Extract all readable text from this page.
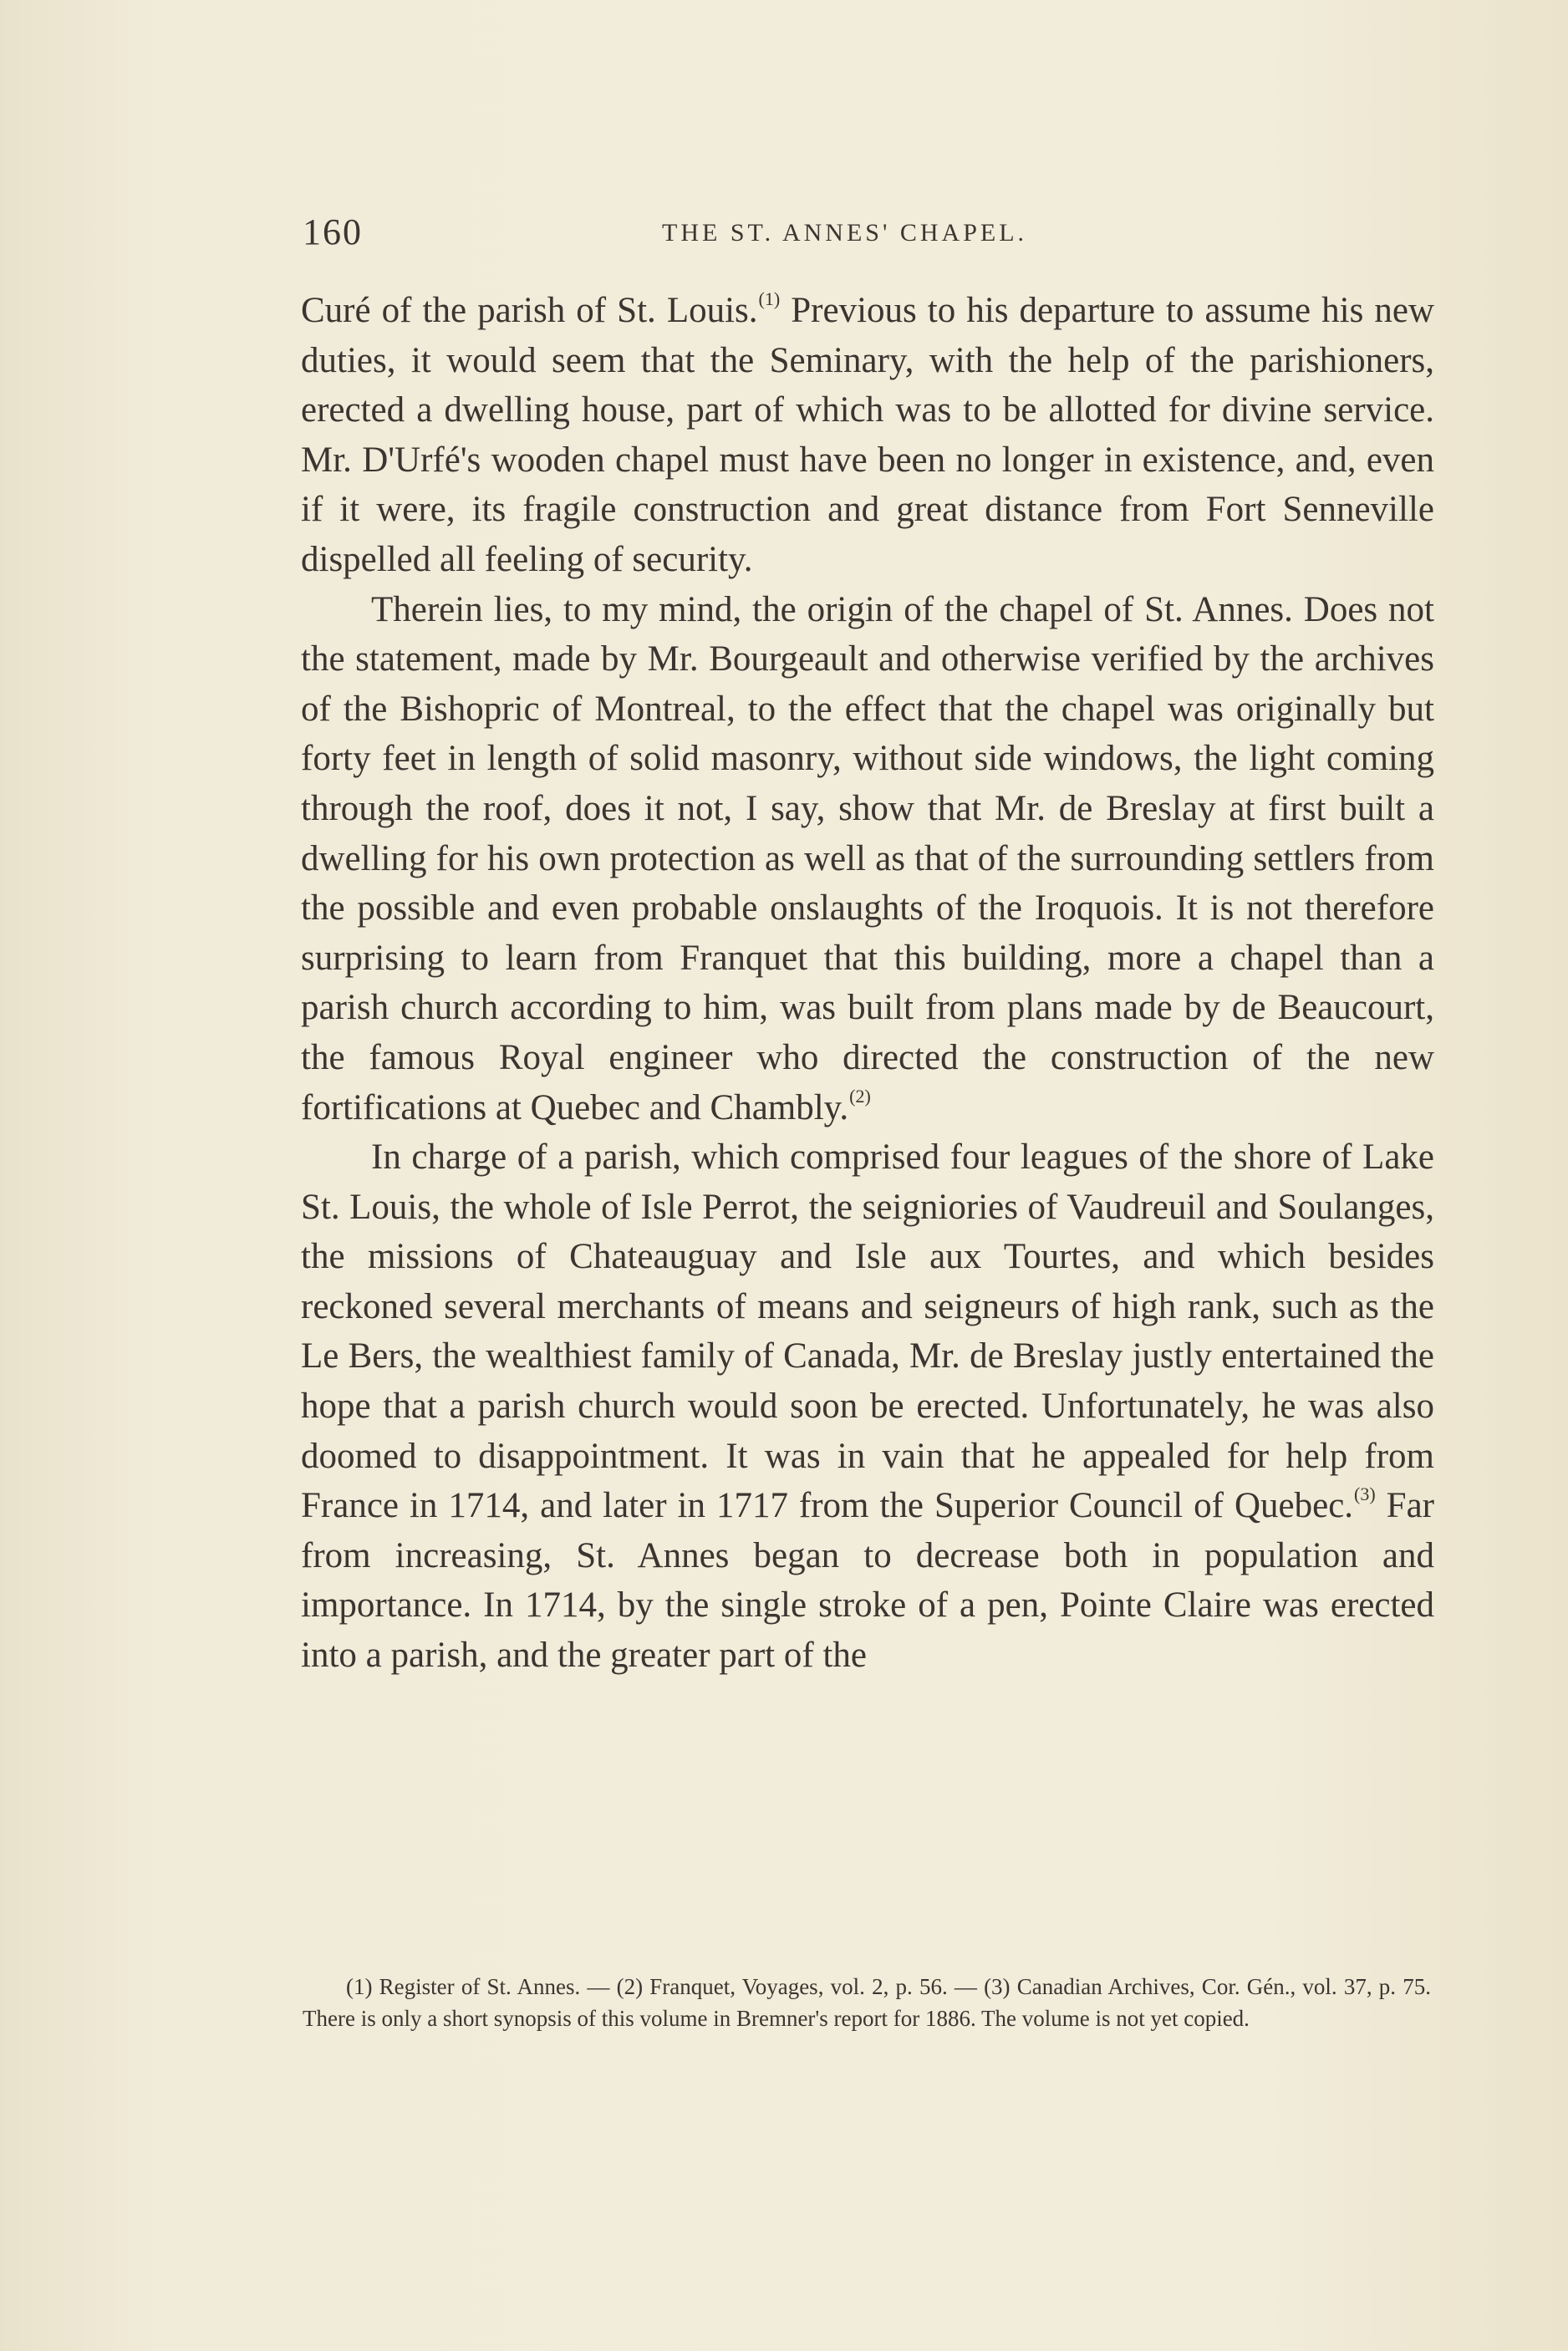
160	THE ST. ANNES' CHAPEL.

Curé of the parish of St. Louis.$^{(1)}$ Previous to his departure to assume his new duties, it would seem that the Seminary, with the help of the parishioners, erected a dwelling house, part of which was to be allotted for divine service. Mr. D'Urfé's wooden chapel must have been no longer in existence, and, even if it were, its fragile construction and great distance from Fort Senneville dispelled all feeling of security.

Therein lies, to my mind, the origin of the chapel of St. Annes. Does not the statement, made by Mr. Bourgeault and otherwise verified by the archives of the Bishopric of Montreal, to the effect that the chapel was originally but forty feet in length of solid masonry, without side windows, the light coming through the roof, does it not, I say, show that Mr. de Breslay at first built a dwelling for his own protection as well as that of the surrounding settlers from the possible and even probable onslaughts of the Iroquois. It is not therefore surprising to learn from Franquet that this building, more a chapel than a parish church according to him, was built from plans made by de Beaucourt, the famous Royal engineer who directed the construction of the new fortifications at Quebec and Chambly.$^{(2)}$

In charge of a parish, which comprised four leagues of the shore of Lake St. Louis, the whole of Isle Perrot, the seigniories of Vaudreuil and Soulanges, the missions of Chateauguay and Isle aux Tourtes, and which besides reckoned several merchants of means and seigneurs of high rank, such as the Le Bers, the wealthiest family of Canada, Mr. de Breslay justly entertained the hope that a parish church would soon be erected. Unfortunately, he was also doomed to disappointment. It was in vain that he appealed for help from France in 1714, and later in 1717 from the Superior Council of Quebec.$^{(3)}$ Far from increasing, St. Annes began to decrease both in population and importance. In 1714, by the single stroke of a pen, Pointe Claire was erected into a parish, and the greater part of the

(1) Register of St. Annes. — (2) Franquet, Voyages, vol. 2, p. 56. — (3) Canadian Archives, Cor. Gén., vol. 37, p. 75. There is only a short synopsis of this volume in Bremner's report for 1886. The volume is not yet copied.
